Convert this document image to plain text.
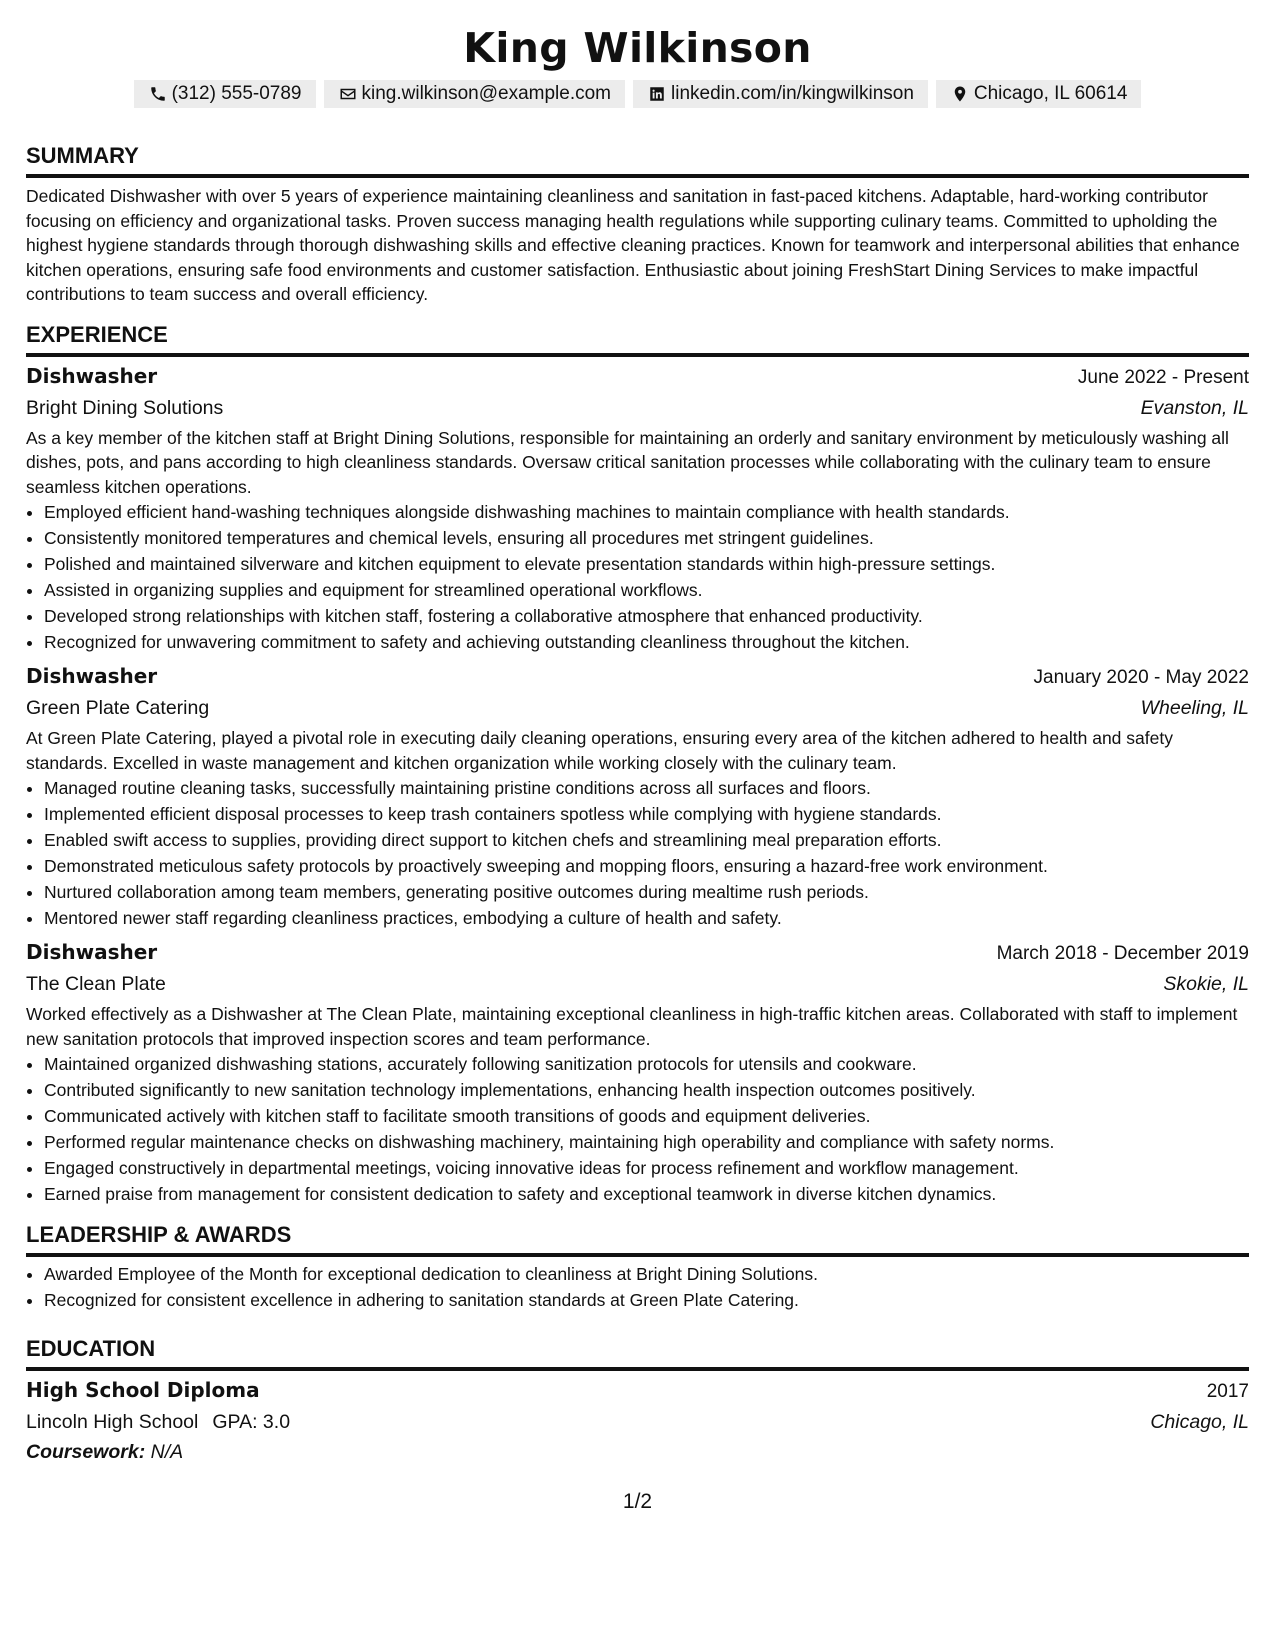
King Wilkinson
(312) 555-0789	king.wilkinson@example.com	linkedin.com/in/kingwilkinson	Chicago, IL 60614
SUMMARY

Dedicated Dishwasher with over 5 years of experience maintaining cleanliness and sanitation in fast-paced kitchens. Adaptable, hard-working contributor focusing on efficiency and organizational tasks. Proven success managing health regulations while supporting culinary teams. Committed to upholding the highest hygiene standards through thorough dishwashing skills and effective cleaning practices. Known for teamwork and interpersonal abilities that enhance kitchen operations, ensuring safe food environments and customer satisfaction. Enthusiastic about joining FreshStart Dining Services to make impactful contributions to team success and overall efficiency.

EXPERIENCE
Dishwasher	June 2022 - Present
Bright Dining Solutions	Evanston, IL

As a key member of the kitchen staff at Bright Dining Solutions, responsible for maintaining an orderly and sanitary environment by meticulously washing all dishes, pots, and pans according to high cleanliness standards. Oversaw critical sanitation processes while collaborating with the culinary team to ensure seamless kitchen operations.

• Employed efficient hand-washing techniques alongside dishwashing machines to maintain compliance with health standards.
• Consistently monitored temperatures and chemical levels, ensuring all procedures met stringent guidelines.
• Polished and maintained silverware and kitchen equipment to elevate presentation standards within high-pressure settings.
• Assisted in organizing supplies and equipment for streamlined operational workflows.
• Developed strong relationships with kitchen staff, fostering a collaborative atmosphere that enhanced productivity.
• Recognized for unwavering commitment to safety and achieving outstanding cleanliness throughout the kitchen.
Dishwasher	January 2020 - May 2022
Green Plate Catering	Wheeling, IL

At Green Plate Catering, played a pivotal role in executing daily cleaning operations, ensuring every area of the kitchen adhered to health and safety standards. Excelled in waste management and kitchen organization while working closely with the culinary team.

• Managed routine cleaning tasks, successfully maintaining pristine conditions across all surfaces and floors.
• Implemented efficient disposal processes to keep trash containers spotless while complying with hygiene standards.
• Enabled swift access to supplies, providing direct support to kitchen chefs and streamlining meal preparation efforts.
• Demonstrated meticulous safety protocols by proactively sweeping and mopping floors, ensuring a hazard-free work environment.
• Nurtured collaboration among team members, generating positive outcomes during mealtime rush periods.
• Mentored newer staff regarding cleanliness practices, embodying a culture of health and safety.
Dishwasher	March 2018 - December 2019
The Clean Plate	Skokie, IL

Worked effectively as a Dishwasher at The Clean Plate, maintaining exceptional cleanliness in high-traffic kitchen areas. Collaborated with staff to implement new sanitation protocols that improved inspection scores and team performance.

• Maintained organized dishwashing stations, accurately following sanitization protocols for utensils and cookware.
• Contributed significantly to new sanitation technology implementations, enhancing health inspection outcomes positively.
• Communicated actively with kitchen staff to facilitate smooth transitions of goods and equipment deliveries.
• Performed regular maintenance checks on dishwashing machinery, maintaining high operability and compliance with safety norms.
• Engaged constructively in departmental meetings, voicing innovative ideas for process refinement and workflow management.
• Earned praise from management for consistent dedication to safety and exceptional teamwork in diverse kitchen dynamics.
LEADERSHIP & AWARDS
• Awarded Employee of the Month for exceptional dedication to cleanliness at Bright Dining Solutions.
• Recognized for consistent excellence in adhering to sanitation standards at Green Plate Catering.
EDUCATION
High School Diploma	2017
Lincoln High School GPA: 3.0	Chicago, IL
Coursework: N/A
1/2
